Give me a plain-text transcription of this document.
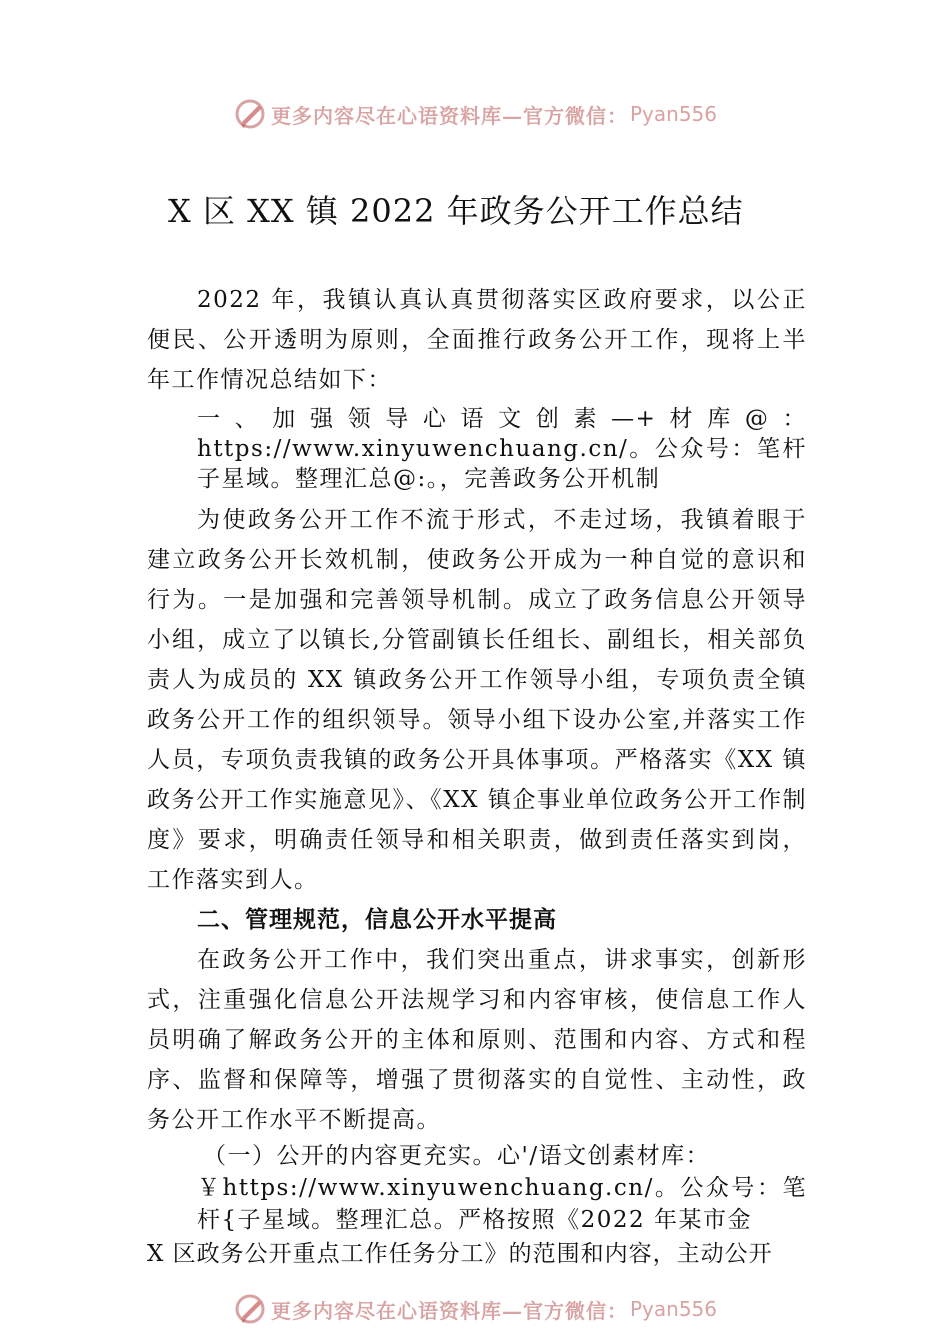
更多内容尽在心语资料库—官方微信： Pyan556
X 区 XX 镇 2022 年政务公开工作总结

2022 年，我镇认真认真贯彻落实区政府要求，以公正便民、公开透明为原则，全面推行政务公开工作，现将上半年工作情况总结如下：

一、加强领导心语文创素—+材库@：https://www.xinyuwenchuang.cn/。公众号：笔杆子星域。整理汇总@:。，完善政务公开机制

为使政务公开工作不流于形式，不走过场，我镇着眼于建立政务公开长效机制，使政务公开成为一种自觉的意识和行为。一是加强和完善领导机制。成立了政务信息公开领导小组，成立了以镇长,分管副镇长任组长、副组长，相关部负责人为成员的 XX 镇政务公开工作领导小组，专项负责全镇政务公开工作的组织领导。领导小组下设办公室,并落实工作人员，专项负责我镇的政务公开具体事项。严格落实《XX 镇政务公开工作实施意见》、《XX 镇企事业单位政务公开工作制度》要求，明确责任领导和相关职责，做到责任落实到岗，工作落实到人。

二、管理规范，信息公开水平提高

在政务公开工作中，我们突出重点，讲求事实，创新形式，注重强化信息公开法规学习和内容审核，使信息工作人员明确了解政务公开的主体和原则、范围和内容、方式和程序、监督和保障等，增强了贯彻落实的自觉性、主动性，政务公开工作水平不断提高。

（一）公开的内容更充实。心'/语文创素材库：
￥https://www.xinyuwenchuang.cn/。公众号：笔杆{子星域。整理汇总。严格按照《2022 年某市金

X 区政务公开重点工作任务分工》的范围和内容，主动公开

更多内容尽在心语资料库—官方微信： Pyan556
